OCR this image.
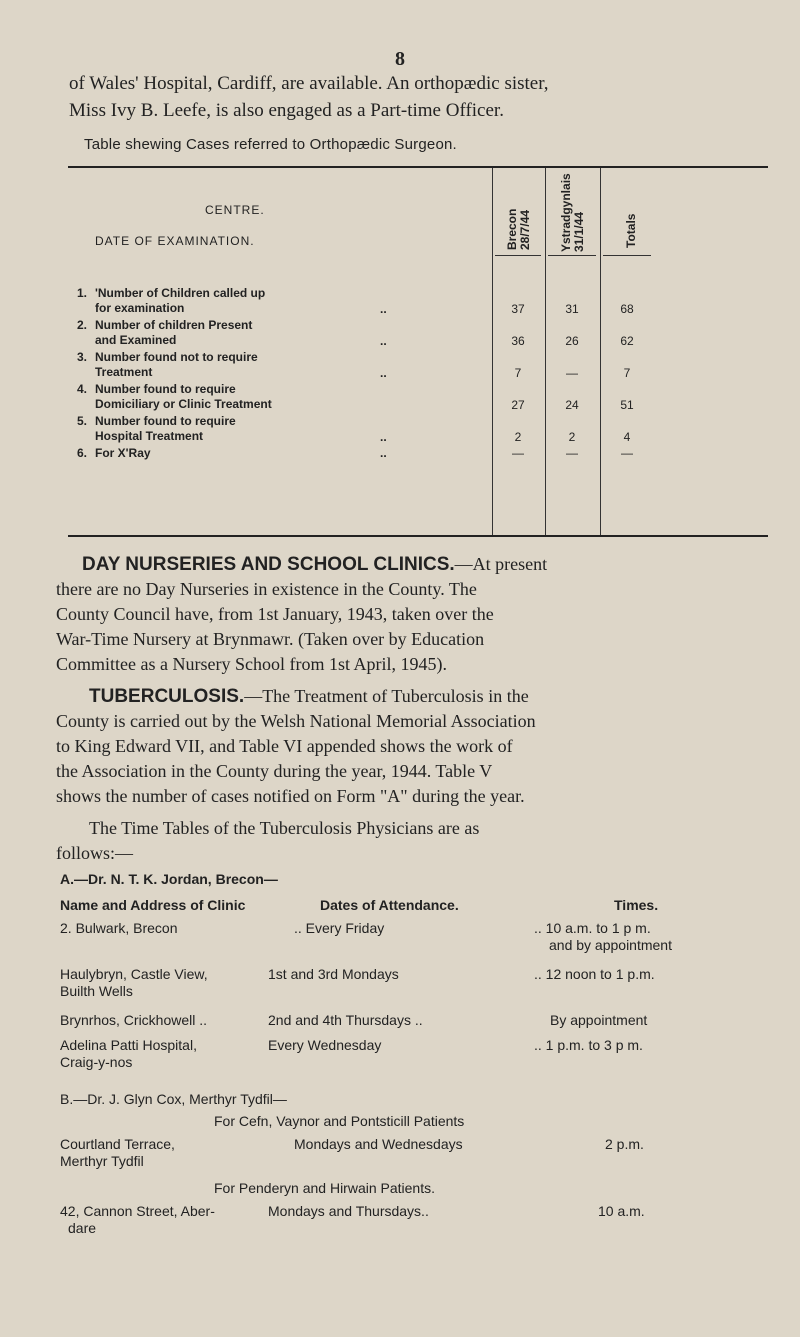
8
of Wales' Hospital, Cardiff, are available. An orthopædic sister,
Miss Ivy B. Leefe, is also engaged as a Part-time Officer.
Table shewing Cases referred to Orthopædic Surgeon.
CENTRE.
DATE OF EXAMINATION.	Brecon 28/7/44 Ystradgynlais 31/1/44	Totals
1. 'Number of Children called up
for examination	..	37	31	68
2. Number of children Present
and Examined	..	36	26	62
3. Number found not to require
Treatment	..	7	—	7
4. Number found to require
Domiciliary or Clinic Treatment	27	24	51
5. Number found to require
Hospital Treatment	..	2	2	4
6. For X'Ray	..	—	—	—
DAY NURSERIES AND SCHOOL CLINICS.—At present
there are no Day Nurseries in existence in the County. The
County Council have, from 1st January, 1943, taken over the
War-Time Nursery at Brynmawr. (Taken over by Education
Committee as a Nursery School from 1st April, 1945).
TUBERCULOSIS.—The Treatment of Tuberculosis in the
County is carried out by the Welsh National Memorial Association
to King Edward VII, and Table VI appended shows the work of
the Association in the County during the year, 1944. Table V
shows the number of cases notified on Form "A" during the year.
The Time Tables of the Tuberculosis Physicians are as
follows:—
A.—Dr. N. T. K. Jordan, Brecon—
Name and Address of Clinic	Dates of Attendance.	Times.
2. Bulwark, Brecon	.. Every Friday	.. 10 a.m. to 1 p m.
and by appointment
Haulybryn, Castle View,
Builth Wells
1st and 3rd Mondays	.. 12 noon to 1 p.m.
Brynrhos, Crickhowell ..	2nd and 4th Thursdays ..	By appointment
Adelina Patti Hospital,
Craig-y-nos
Every Wednesday	.. 1 p.m. to 3 p m.
B.—Dr. J. Glyn Cox, Merthyr Tydfil—
For Cefn, Vaynor and Pontsticill Patients
Courtland Terrace,
Merthyr Tydfil
Mondays and Wednesdays	2 p.m.
For Penderyn and Hirwain Patients.
42, Cannon Street, Aber-
dare
Mondays and Thursdays..	10 a.m.
